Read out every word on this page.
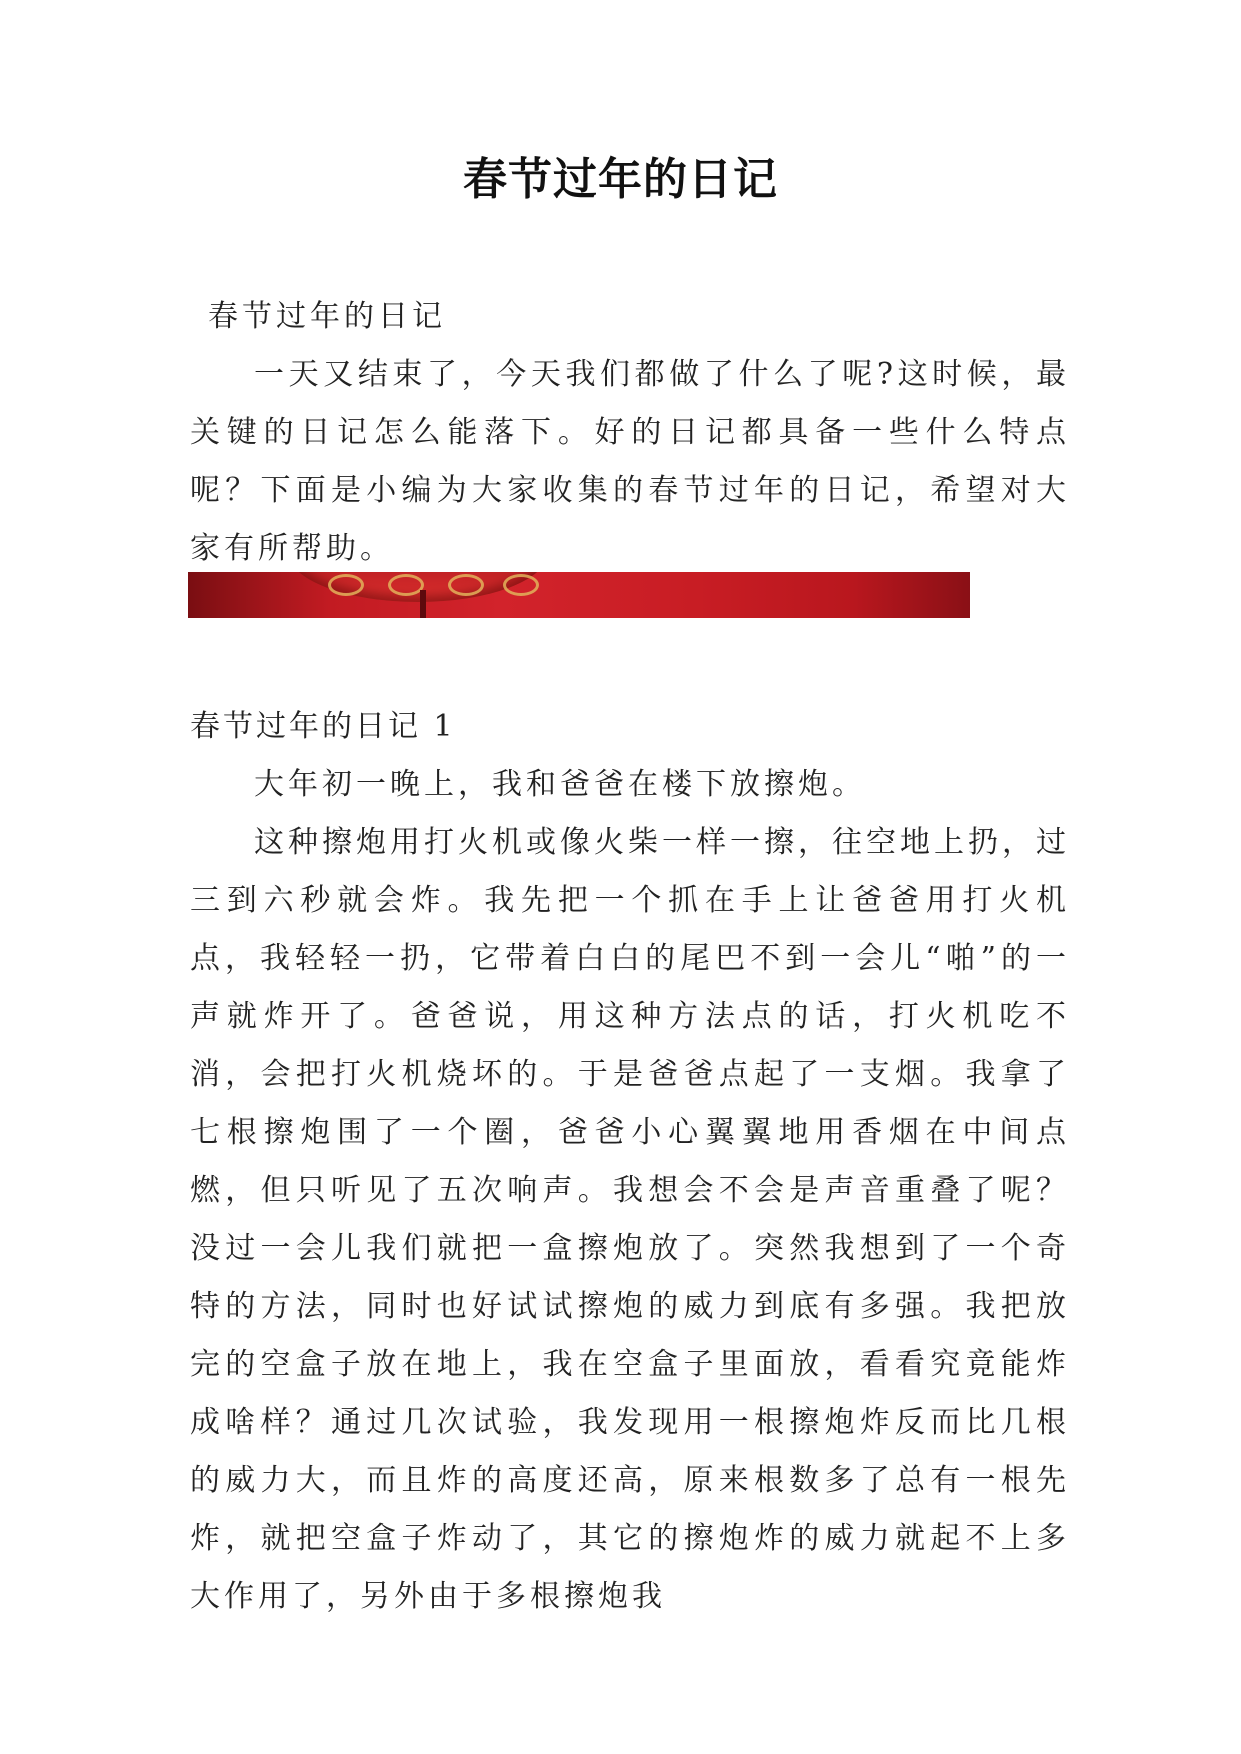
春节过年的日记
春节过年的日记
一天又结束了，今天我们都做了什么了呢?这时候，最关键的日记怎么能落下。好的日记都具备一些什么特点呢？下面是小编为大家收集的春节过年的日记，希望对大家有所帮助。
春节过年的日记 1
大年初一晚上，我和爸爸在楼下放擦炮。
这种擦炮用打火机或像火柴一样一擦，往空地上扔，过三到六秒就会炸。我先把一个抓在手上让爸爸用打火机点，我轻轻一扔，它带着白白的尾巴不到一会儿“啪”的一声就炸开了。爸爸说，用这种方法点的话，打火机吃不消，会把打火机烧坏的。于是爸爸点起了一支烟。我拿了七根擦炮围了一个圈，爸爸小心翼翼地用香烟在中间点燃，但只听见了五次响声。我想会不会是声音重叠了呢？没过一会儿我们就把一盒擦炮放了。突然我想到了一个奇特的方法，同时也好试试擦炮的威力到底有多强。我把放完的空盒子放在地上，我在空盒子里面放，看看究竟能炸成啥样？通过几次试验，我发现用一根擦炮炸反而比几根的威力大，而且炸的高度还高，原来根数多了总有一根先炸，就把空盒子炸动了，其它的擦炮炸的威力就起不上多大作用了，另外由于多根擦炮我
